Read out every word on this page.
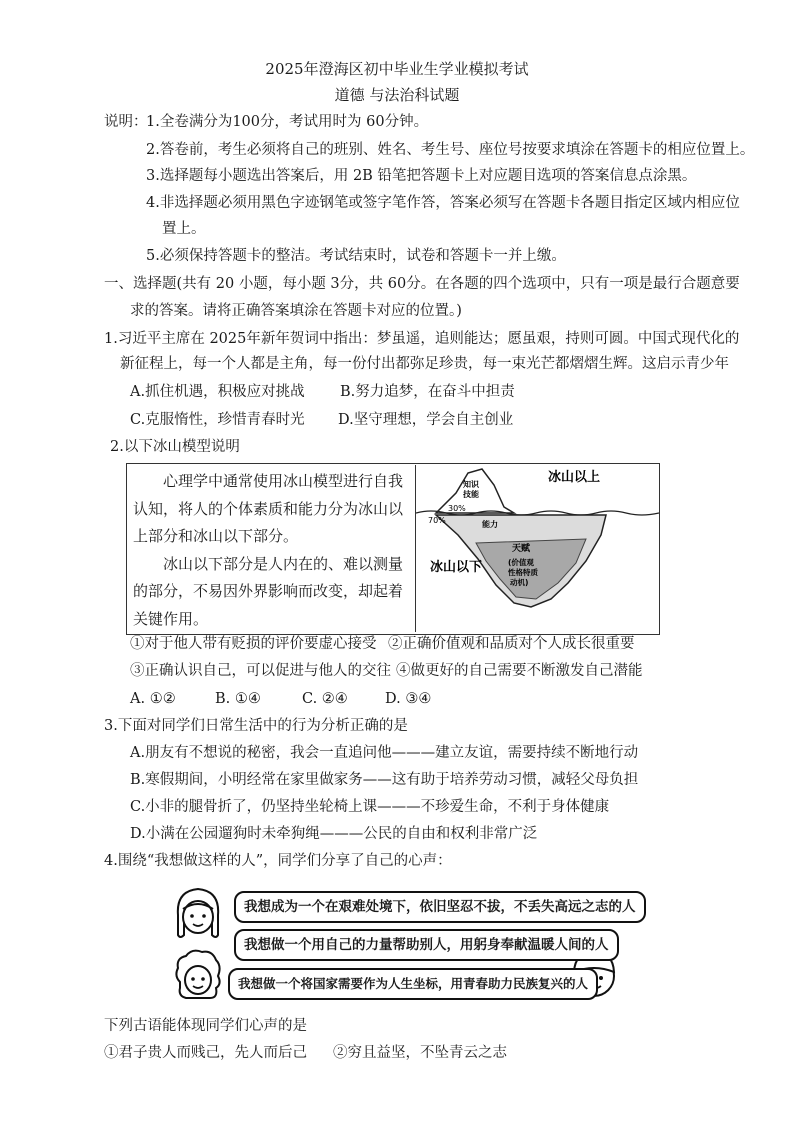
2025年澄海区初中毕业生学业模拟考试
道德 与法治科试题
说明：
1.全卷满分为100分，考试用时为 60分钟。
2.答卷前，考生必须将自己的班别、姓名、考生号、座位号按要求填涂在答题卡的相应位置上。
3.选择题每小题选出答案后，用 2B 铅笔把答题卡上对应题目选项的答案信息点涂黑。
4.非选择题必须用黑色字迹钢笔或签字笔作答，答案必须写在答题卡各题目指定区域内相应位
置上。
5.必须保持答题卡的整洁。考试结束时，试卷和答题卡一并上缴。
一、选择题(共有 20 小题，每小题 3分，共 60分。在各题的四个选项中，只有一项是最行合题意要
求的答案。请将正确答案填涂在答题卡对应的位置。)
1.习近平主席在 2025年新年贺词中指出：梦虽遥，追则能达；愿虽艰，持则可圆。中国式现代化的
新征程上，每一个人都是主角，每一份付出都弥足珍贵，每一束光芒都熠熠生辉。这启示青少年
A.抓住机遇，积极应对挑战 B.努力追梦，在奋斗中担责
C.克服惰性，珍惜青春时光 D.坚守理想，学会自主创业
2.以下冰山模型说明

心理学中通常使用冰山模型进行自我认知，将人的个体素质和能力分为冰山以上部分和冰山以下部分。

冰山以下部分是人内在的、难以测量的部分，不易因外界影响而改变，却起着关键作用。

知识
技能
30%
70%	能力
天赋
(价值观
性格特质
动机)
冰山以上
冰山以下
①对于他人带有贬损的评价要虚心接受 ②正确价值观和品质对个人成长很重要
③正确认识自己，可以促进与他人的交往 ④做更好的自己需要不断激发自己潜能
A. ①②	B. ①④	C. ②④	D. ③④
3.下面对同学们日常生活中的行为分析正确的是
A.朋友有不想说的秘密，我会一直追问他———建立友谊，需要持续不断地行动
B.寒假期间，小明经常在家里做家务——这有助于培养劳动习惯，减轻父母负担
C.小非的腿骨折了，仍坚持坐轮椅上课———不珍爱生命，不利于身体健康
D.小满在公园遛狗时未牵狗绳———公民的自由和权利非常广泛
4.围绕“我想做这样的人”，同学们分享了自己的心声：
我想成为一个在艰难处境下，依旧坚忍不拔，不丢失高远之志的人
我想做一个用自己的力量帮助别人，用躬身奉献温暖人间的人
我想做一个将国家需要作为人生坐标，用青春助力民族复兴的人
下列古语能体现同学们心声的是
①君子贵人而贱己，先人而后己 ②穷且益坚，不坠青云之志
